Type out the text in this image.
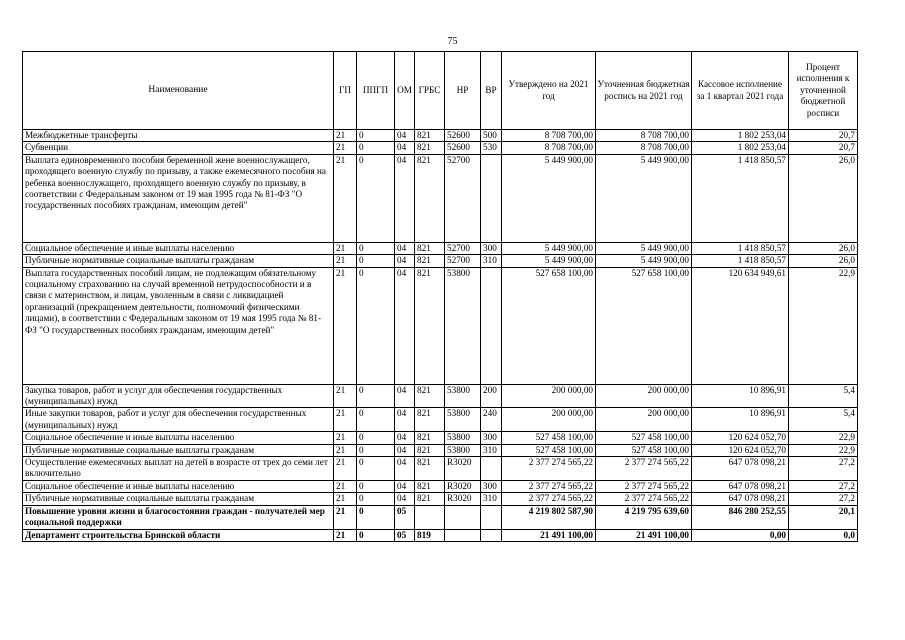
75
Наименование	ГП	ППГП	ОМ	ГРБС	НР	ВР	Утверждено на 2021 год	Уточненная бюджетная роспись на 2021 год	Кассовое исполнение за 1 квартал 2021 года	Процент исполнения к уточненной бюджетной росписи
Межбюджетные трансферты	21	0	04	821	52600	500	8 708 700,00	8 708 700,00	1 802 253,04	20,7
Субвенции	21	0	04	821	52600	530	8 708 700,00	8 708 700,00	1 802 253,04	20,7
Выплата единовременного пособия беременной жене военнослужащего, проходящего военную службу по призыву, а также ежемесячного пособия на ребенка военнослужащего, проходящего военную службу по призыву, в соответствии с Федеральным законом от 19 мая 1995 года № 81-ФЗ "О государственных пособиях гражданам, имеющим детей"	21	0	04	821	52700		5 449 900,00	5 449 900,00	1 418 850,57	26,0
Социальное обеспечение и иные выплаты населению	21	0	04	821	52700	300	5 449 900,00	5 449 900,00	1 418 850,57	26,0
Публичные нормативные социальные выплаты гражданам	21	0	04	821	52700	310	5 449 900,00	5 449 900,00	1 418 850,57	26,0
Выплата государственных пособий лицам, не подлежащим обязательному социальному страхованию на случай временной нетрудоспособности и в связи с материнством, и лицам, уволенным в связи с ликвидацией организаций (прекращением деятельности, полномочий физическими лицами), в соответствии с Федеральным законом от 19 мая 1995 года № 81-ФЗ "О государственных пособиях гражданам, имеющим детей"	21	0	04	821	53800		527 658 100,00	527 658 100,00	120 634 949,61	22,9
Закупка товаров, работ и услуг для обеспечения государственных (муниципальных) нужд	21	0	04	821	53800	200	200 000,00	200 000,00	10 896,91	5,4
Иные закупки товаров, работ и услуг для обеспечения государственных (муниципальных) нужд	21	0	04	821	53800	240	200 000,00	200 000,00	10 896,91	5,4
Социальное обеспечение и иные выплаты населению	21	0	04	821	53800	300	527 458 100,00	527 458 100,00	120 624 052,70	22,9
Публичные нормативные социальные выплаты гражданам	21	0	04	821	53800	310	527 458 100,00	527 458 100,00	120 624 052,70	22,9
Осуществление ежемесячных выплат на детей в возрасте от трех до семи лет включительно	21	0	04	821	R3020		2 377 274 565,22	2 377 274 565,22	647 078 098,21	27,2
Социальное обеспечение и иные выплаты населению	21	0	04	821	R3020	300	2 377 274 565,22	2 377 274 565,22	647 078 098,21	27,2
Публичные нормативные социальные выплаты гражданам	21	0	04	821	R3020	310	2 377 274 565,22	2 377 274 565,22	647 078 098,21	27,2
Повышение уровня жизни и благосостояния граждан - получателей мер социальной поддержки	21	0	05				4 219 802 587,90	4 219 795 639,60	846 280 252,55	20,1
Департамент строительства Брянской области	21	0	05	819			21 491 100,00	21 491 100,00	0,00	0,0
